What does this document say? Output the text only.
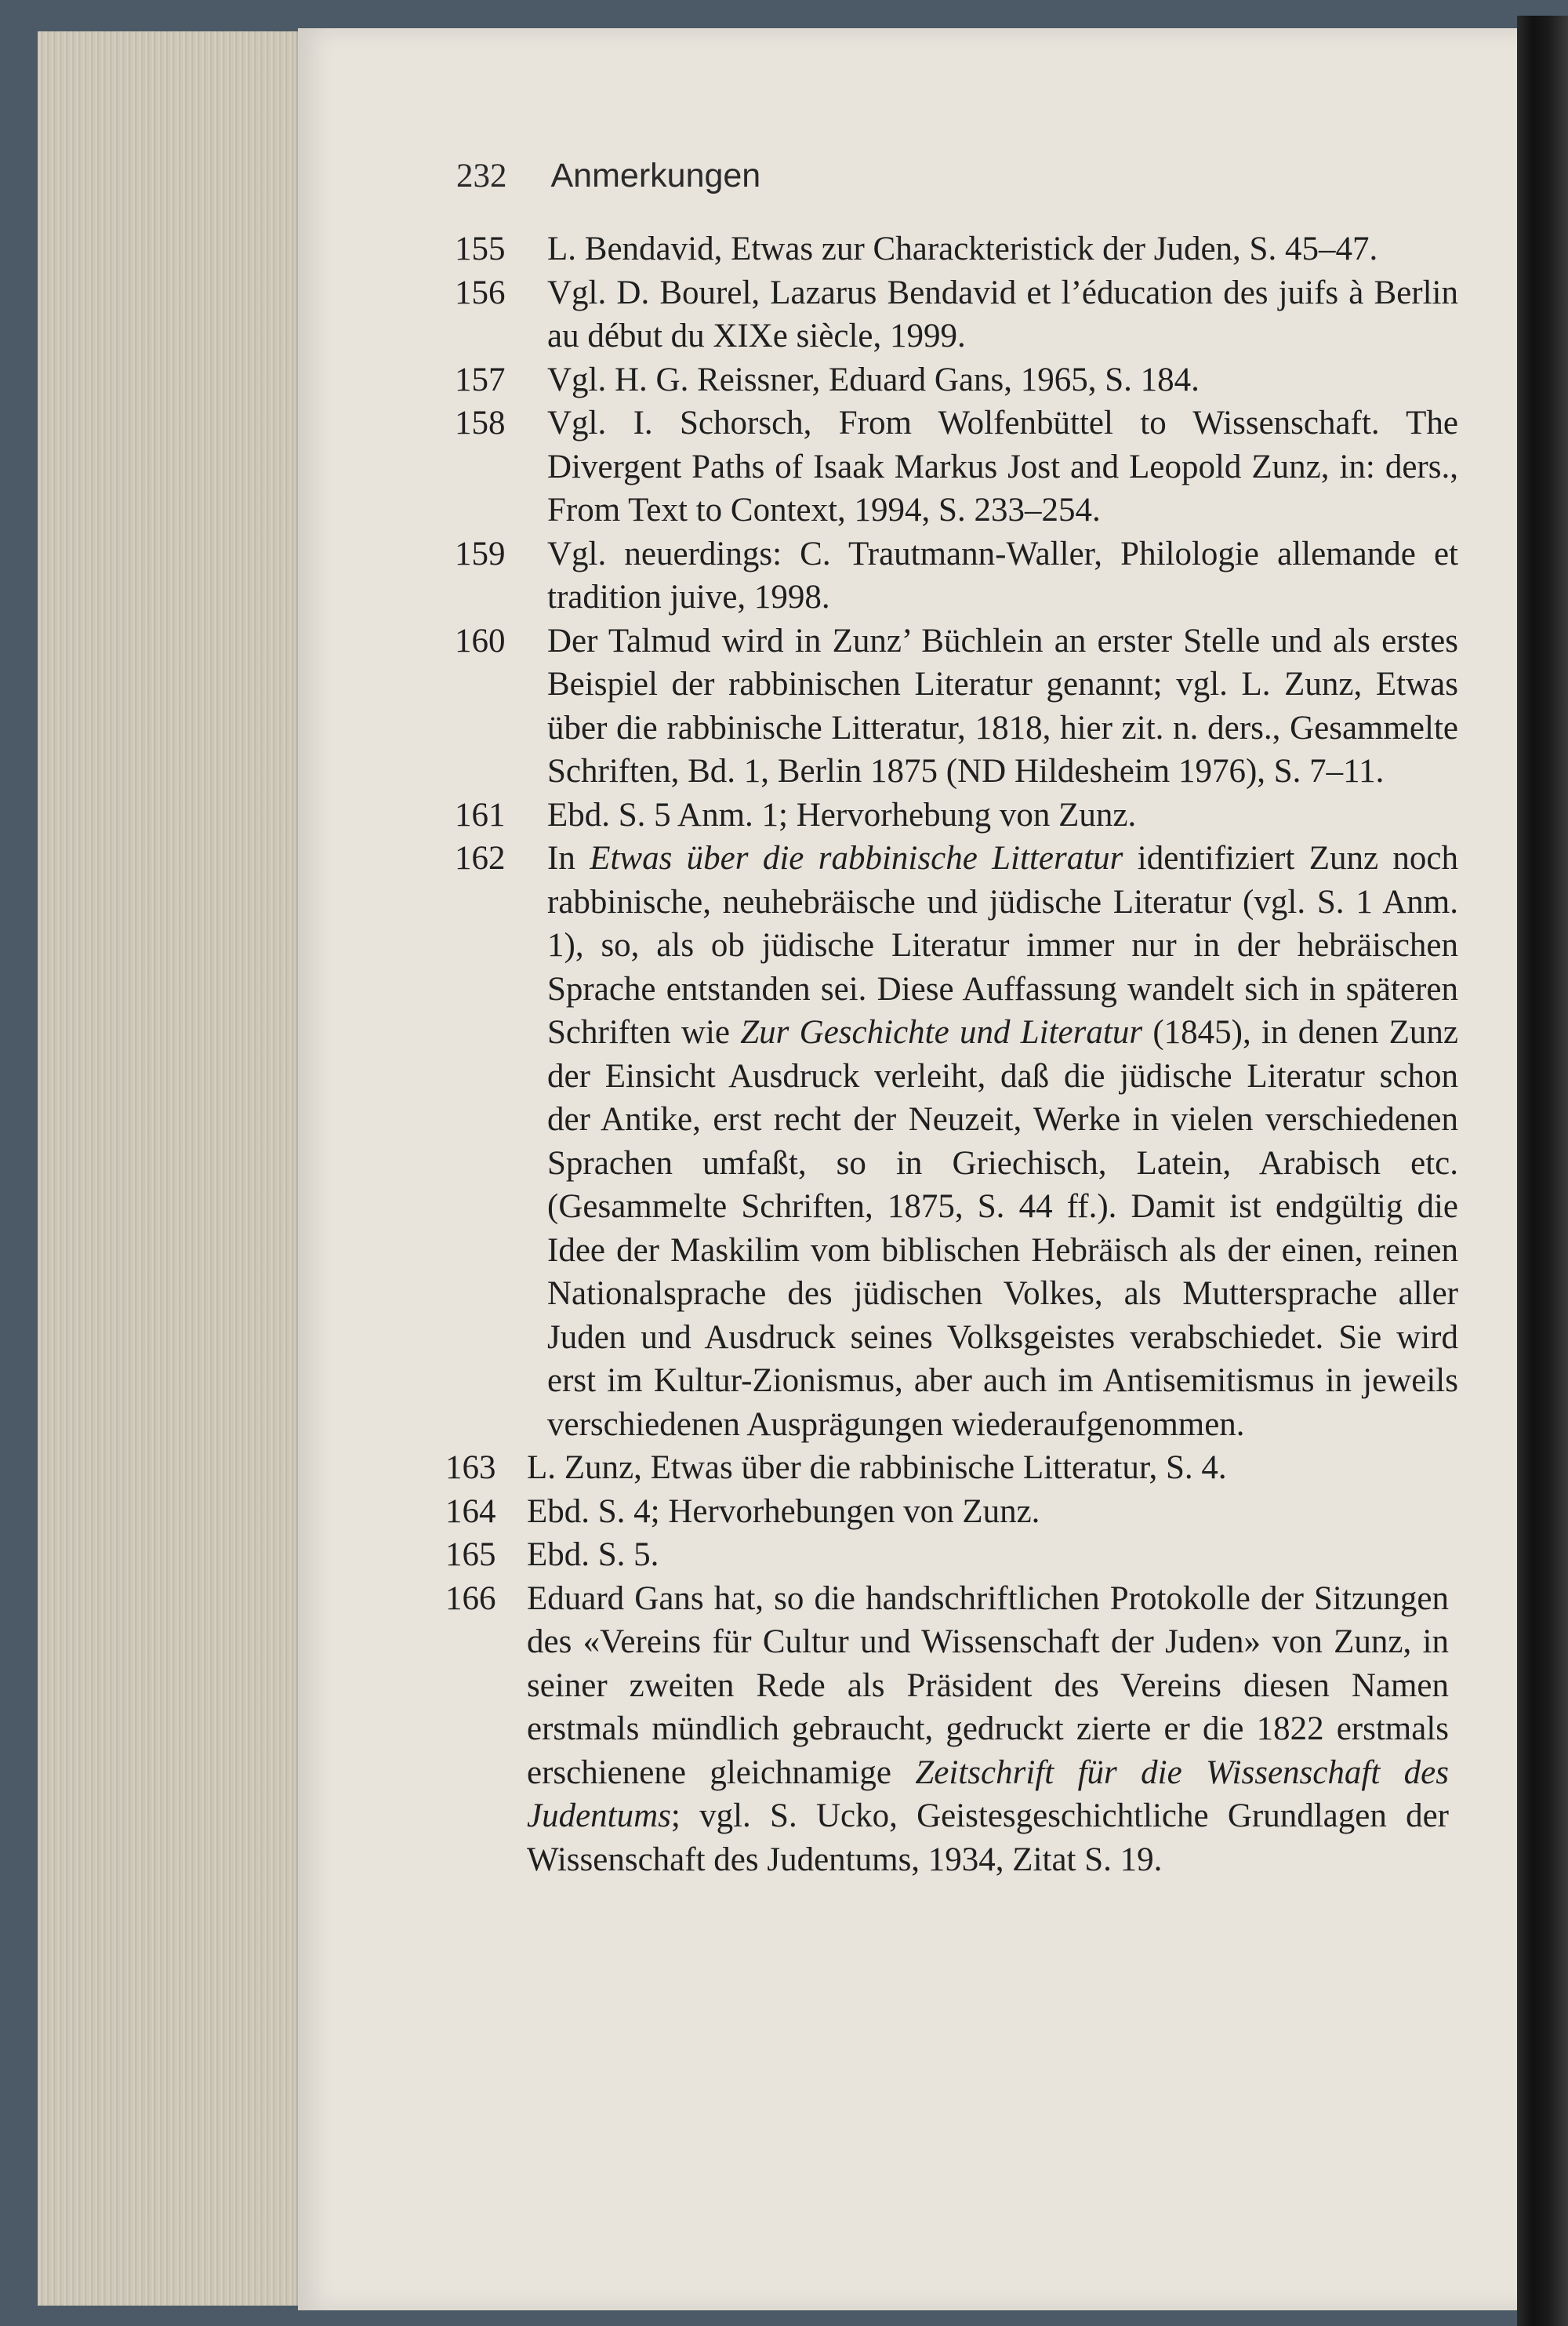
232 Anmerkungen

155	L. Bendavid, Etwas zur Charackteristick der Juden, S. 45–47.

156	Vgl. D. Bourel, Lazarus Bendavid et l’éducation des juifs à Berlin au début du XIXe siècle, 1999.

157	Vgl. H. G. Reissner, Eduard Gans, 1965, S. 184.

158	Vgl. I. Schorsch, From Wolfenbüttel to Wissenschaft. The Divergent Paths of Isaak Markus Jost and Leopold Zunz, in: ders., From Text to Context, 1994, S. 233–254.

159	Vgl. neuerdings: C. Trautmann-Waller, Philologie allemande et tradition juive, 1998.

160	Der Talmud wird in Zunz’ Büchlein an erster Stelle und als erstes Beispiel der rabbinischen Literatur genannt; vgl. L. Zunz, Etwas über die rabbinische Litteratur, 1818, hier zit. n. ders., Gesammelte Schriften, Bd. 1, Berlin 1875 (ND Hildesheim 1976), S. 7–11.

161	Ebd. S. 5 Anm. 1; Hervorhebung von Zunz.

162	In Etwas über die rabbinische Litteratur identifiziert Zunz noch rabbinische, neuhebräische und jüdische Literatur (vgl. S. 1 Anm. 1), so, als ob jüdische Literatur immer nur in der hebräischen Sprache entstanden sei. Diese Auffassung wandelt sich in späteren Schriften wie Zur Geschichte und Literatur (1845), in denen Zunz der Einsicht Ausdruck verleiht, daß die jüdische Literatur schon der Antike, erst recht der Neuzeit, Werke in vielen verschiedenen Sprachen umfaßt, so in Griechisch, Latein, Arabisch etc. (Gesammelte Schriften, 1875, S. 44 ff.). Damit ist endgültig die Idee der Maskilim vom biblischen Hebräisch als der einen, reinen Nationalsprache des jüdischen Volkes, als Muttersprache aller Juden und Ausdruck seines Volksgeistes verabschiedet. Sie wird erst im Kultur-Zionismus, aber auch im Antisemitismus in jeweils verschiedenen Ausprägungen wiederaufgenommen.

163 L. Zunz, Etwas über die rabbinische Litteratur, S. 4.

164 Ebd. S. 4; Hervorhebungen von Zunz.

165 Ebd. S. 5.

166 Eduard Gans hat, so die handschriftlichen Protokolle der Sitzungen des «Vereins für Cultur und Wissenschaft der Juden» von Zunz, in seiner zweiten Rede als Präsident des Vereins diesen Namen erstmals mündlich gebraucht, gedruckt zierte er die 1822 erstmals erschienene gleichnamige Zeitschrift für die Wissenschaft des Judentums; vgl. S. Ucko, Geistesgeschichtliche Grundlagen der Wissenschaft des Judentums, 1934, Zitat S. 19.
